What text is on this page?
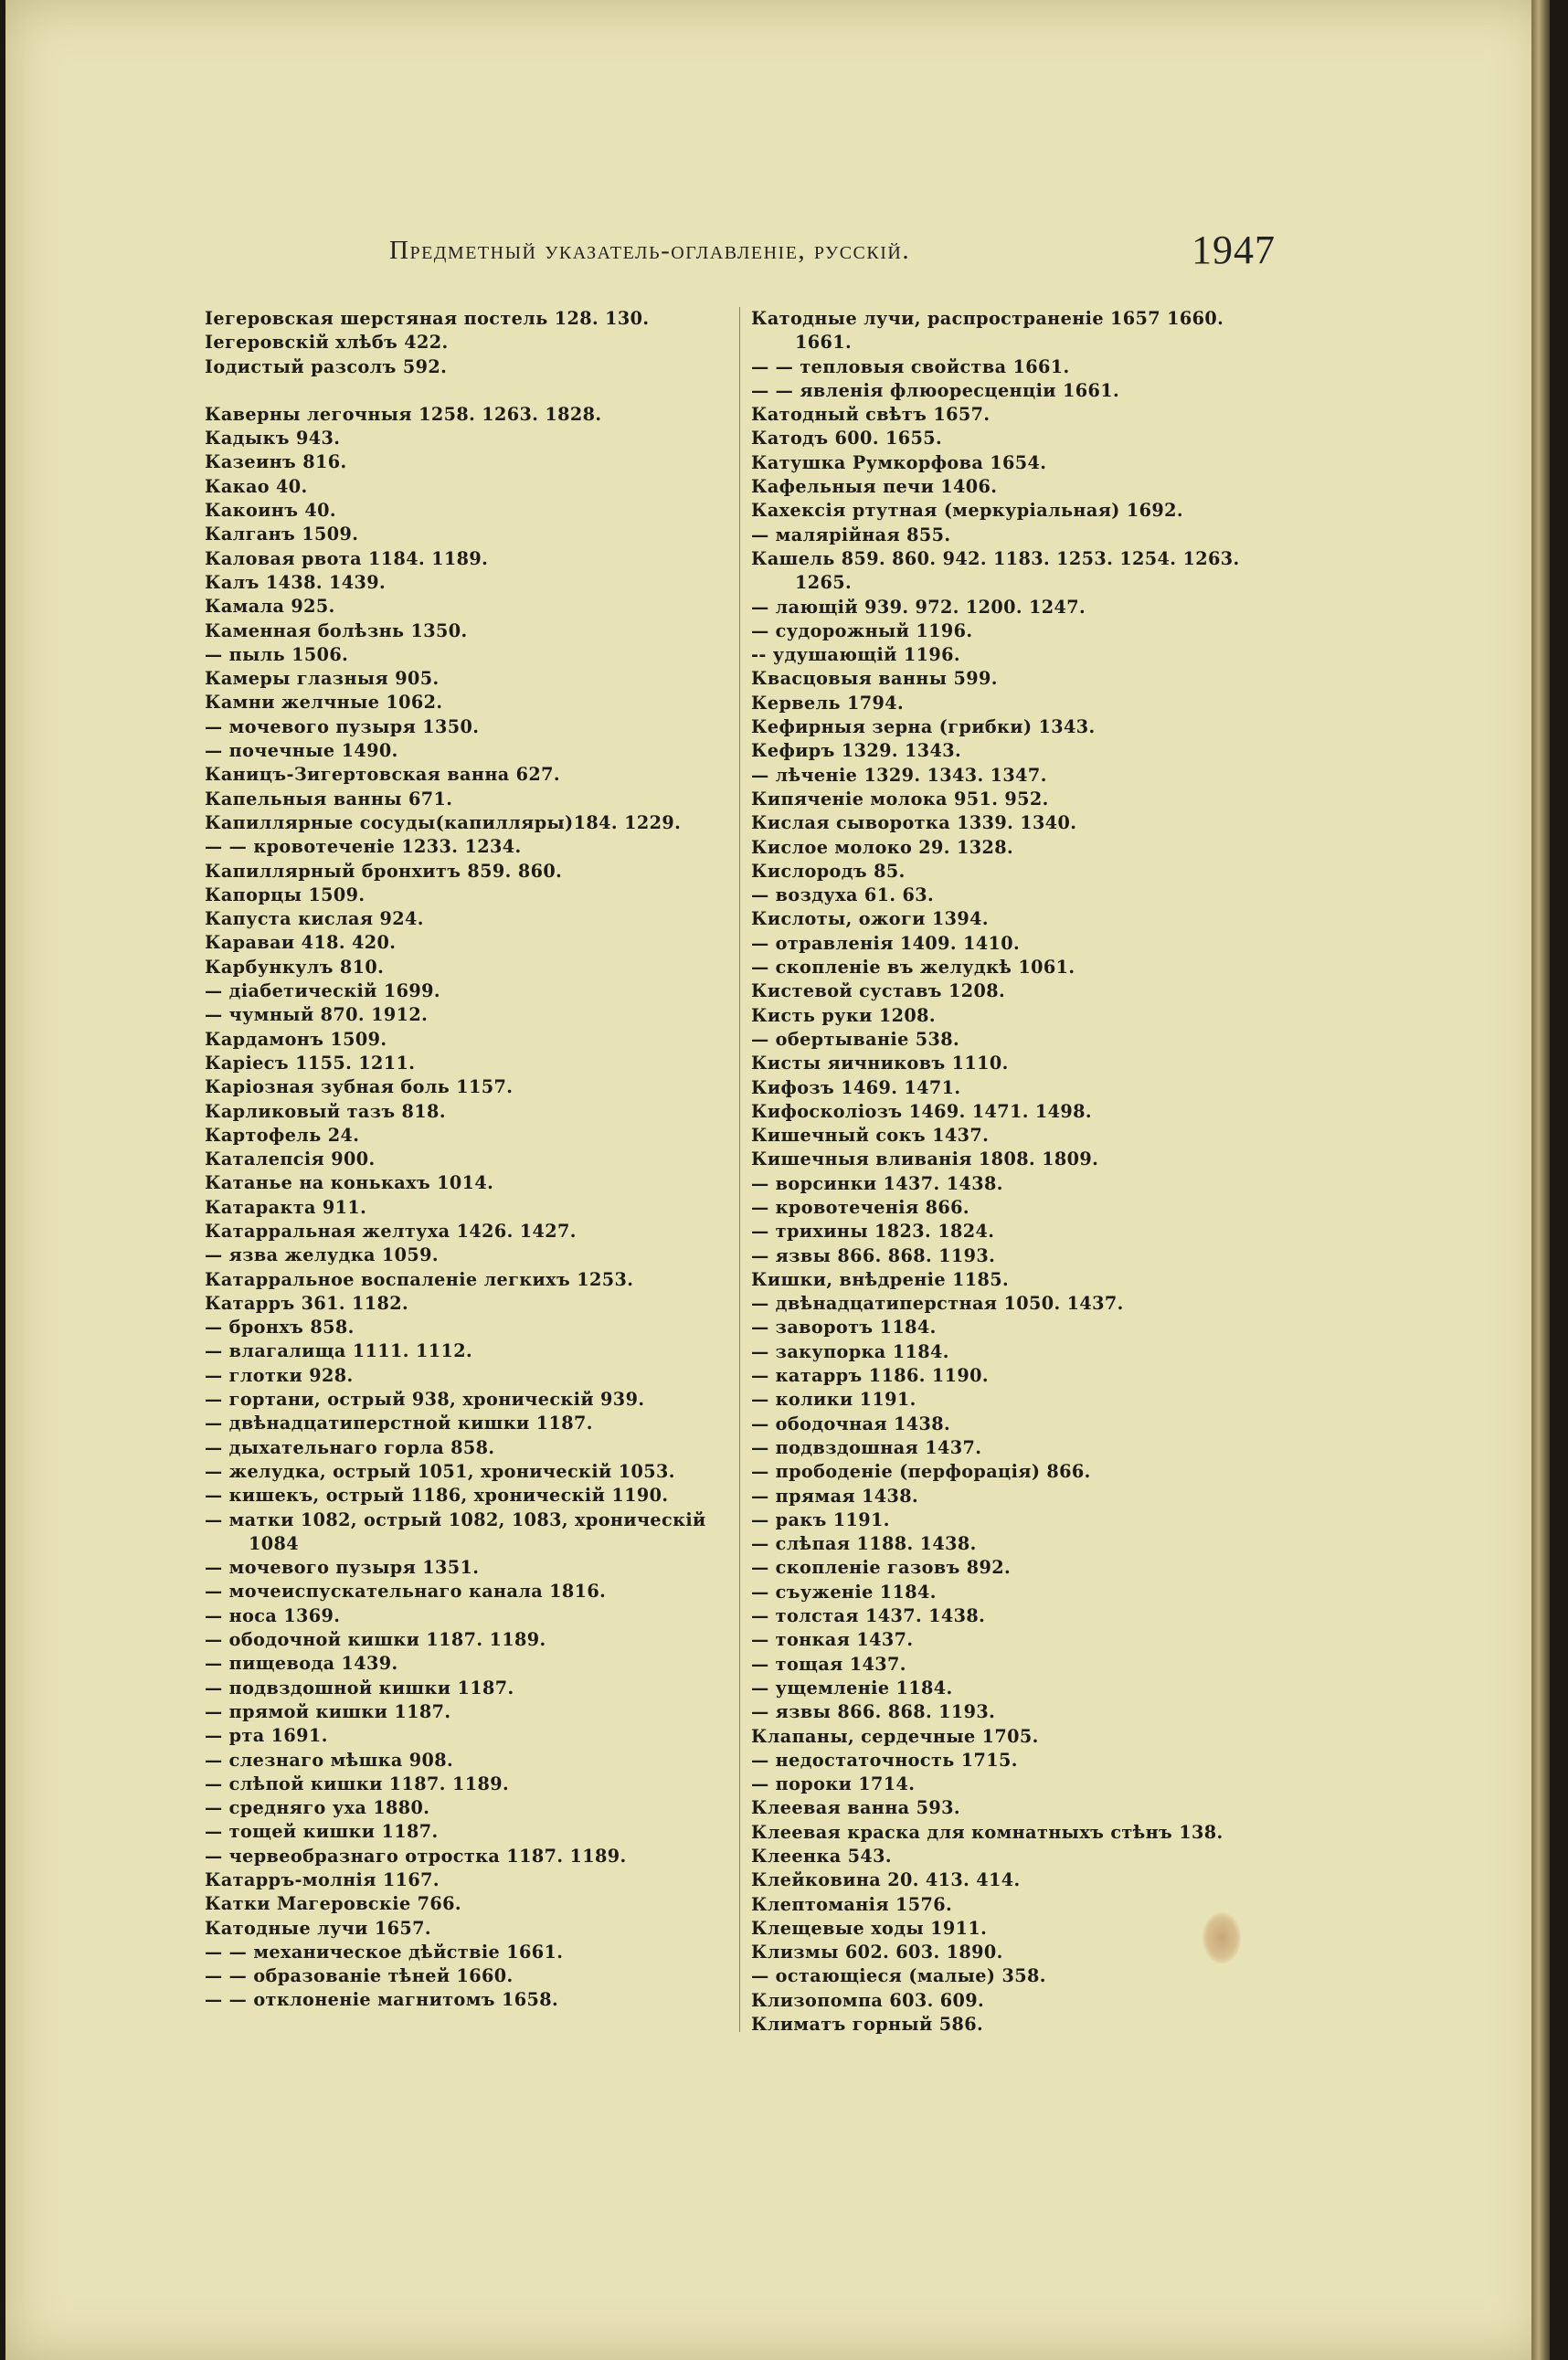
Предметный указатель-оглавленіе, русскій.	1947

Іегеровская шерстяная постель 128. 130.

Іегеровскій хлѣбъ 422.

Іодистый разсолъ 592.

Каверны легочныя 1258. 1263. 1828.

Кадыкъ 943.

Казеинъ 816.

Какао 40.

Какоинъ 40.

Калганъ 1509.

Каловая рвота 1184. 1189.

Калъ 1438. 1439.

Камала 925.

Каменная болѣзнь 1350.

— пыль 1506.

Камеры глазныя 905.

Камни желчные 1062.

— мочевого пузыря 1350.

— почечные 1490.

Каницъ-Зигертовская ванна 627.

Капельныя ванны 671.

Капиллярные сосуды(капилляры)184. 1229.

— — кровотеченіе 1233. 1234.

Капиллярный бронхитъ 859. 860.

Капорцы 1509.

Капуста кислая 924.

Караваи 418. 420.

Карбункулъ 810.

— діабетическій 1699.

— чумный 870. 1912.

Кардамонъ 1509.

Каріесъ 1155. 1211.

Каріозная зубная боль 1157.

Карликовый тазъ 818.

Картофель 24.

Каталепсія 900.

Катанье на конькахъ 1014.

Катаракта 911.

Катарральная желтуха 1426. 1427.

— язва желудка 1059.

Катарральное воспаленіе легкихъ 1253.

Катарръ 361. 1182.

— бронхъ 858.

— влагалища 1111. 1112.

— глотки 928.

— гортани, острый 938, хроническій 939.

— двѣнадцатиперстной кишки 1187.

— дыхательнаго горла 858.

— желудка, острый 1051, хроническій 1053.

— кишекъ, острый 1186, хроническій 1190.

— матки 1082, острый 1082, 1083, хроническій 1084

— мочевого пузыря 1351.

— мочеиспускательнаго канала 1816.

— носа 1369.

— ободочной кишки 1187. 1189.

— пищевода 1439.

— подвздошной кишки 1187.

— прямой кишки 1187.

— рта 1691.

— слезнаго мѣшка 908.

— слѣпой кишки 1187. 1189.

— средняго уха 1880.

— тощей кишки 1187.

— червеобразнаго отростка 1187. 1189.

Катарръ-молнія 1167.

Катки Магеровскіе 766.

Катодные лучи 1657.

— — механическое дѣйствіе 1661.

— — образованіе тѣней 1660.

— — отклоненіе магнитомъ 1658.

Катодные лучи, распространеніе 1657 1660. 1661.

— — тепловыя свойства 1661.

— — явленія флюоресценціи 1661.

Катодный свѣтъ 1657.

Катодъ 600. 1655.

Катушка Румкорфова 1654.

Кафельныя печи 1406.

Кахексія ртутная (меркуріальная) 1692.

— малярійная 855.

Кашель 859. 860. 942. 1183. 1253. 1254. 1263. 1265.

— лающій 939. 972. 1200. 1247.

— судорожный 1196.

-- удушающій 1196.

Квасцовыя ванны 599.

Кервель 1794.

Кефирныя зерна (грибки) 1343.

Кефиръ 1329. 1343.

— лѣченіе 1329. 1343. 1347.

Кипяченіе молока 951. 952.

Кислая сыворотка 1339. 1340.

Кислое молоко 29. 1328.

Кислородъ 85.

— воздуха 61. 63.

Кислоты, ожоги 1394.

— отравленія 1409. 1410.

— скопленіе въ желудкѣ 1061.

Кистевой суставъ 1208.

Кисть руки 1208.

— обертываніе 538.

Кисты яичниковъ 1110.

Кифозъ 1469. 1471.

Кифосколіозъ 1469. 1471. 1498.

Кишечный сокъ 1437.

Кишечныя вливанія 1808. 1809.

— ворсинки 1437. 1438.

— кровотеченія 866.

— трихины 1823. 1824.

— язвы 866. 868. 1193.

Кишки, внѣдреніе 1185.

— двѣнадцатиперстная 1050. 1437.

— заворотъ 1184.

— закупорка 1184.

— катарръ 1186. 1190.

— колики 1191.

— ободочная 1438.

— подвздошная 1437.

— прободеніе (перфорація) 866.

— прямая 1438.

— ракъ 1191.

— слѣпая 1188. 1438.

— скопленіе газовъ 892.

— съуженіе 1184.

— толстая 1437. 1438.

— тонкая 1437.

— тощая 1437.

— ущемленіе 1184.

— язвы 866. 868. 1193.

Клапаны, сердечные 1705.

— недостаточность 1715.

— пороки 1714.

Клеевая ванна 593.

Клеевая краска для комнатныхъ стѣнъ 138.

Клеенка 543.

Клейковина 20. 413. 414.

Клептоманія 1576.

Клещевые ходы 1911.

Клизмы 602. 603. 1890.

— остающіеся (малые) 358.

Клизопомпа 603. 609.

Климатъ горный 586.
